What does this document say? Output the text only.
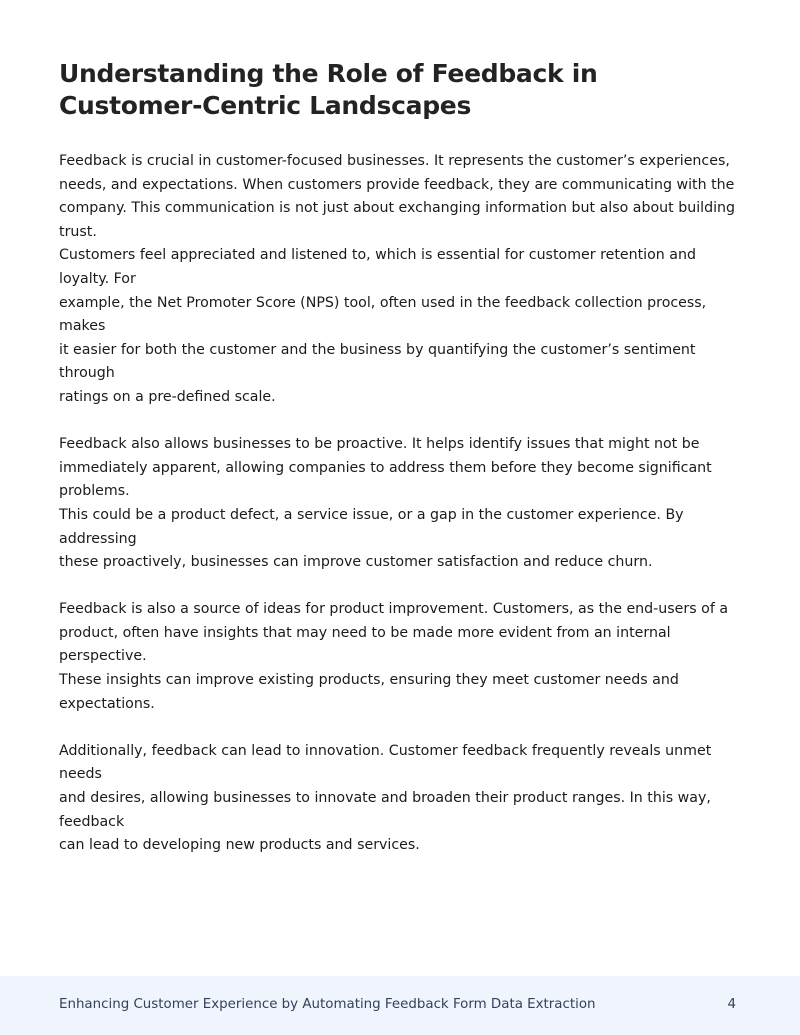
Understanding the Role of Feedback in
Customer-Centric Landscapes

Feedback is crucial in customer-focused businesses. It represents the customer’s experiences,
needs, and expectations. When customers provide feedback, they are communicating with the
company. This communication is not just about exchanging information but also about building trust.
Customers feel appreciated and listened to, which is essential for customer retention and loyalty. For
example, the Net Promoter Score (NPS) tool, often used in the feedback collection process, makes
it easier for both the customer and the business by quantifying the customer’s sentiment through
ratings on a pre-defined scale.

Feedback also allows businesses to be proactive. It helps identify issues that might not be
immediately apparent, allowing companies to address them before they become significant problems.
This could be a product defect, a service issue, or a gap in the customer experience. By addressing
these proactively, businesses can improve customer satisfaction and reduce churn.

Feedback is also a source of ideas for product improvement. Customers, as the end-users of a
product, often have insights that may need to be made more evident from an internal perspective.
These insights can improve existing products, ensuring they meet customer needs and expectations.

Additionally, feedback can lead to innovation. Customer feedback frequently reveals unmet needs
and desires, allowing businesses to innovate and broaden their product ranges. In this way, feedback
can lead to developing new products and services.

Enhancing Customer Experience by Automating Feedback Form Data Extraction	4
